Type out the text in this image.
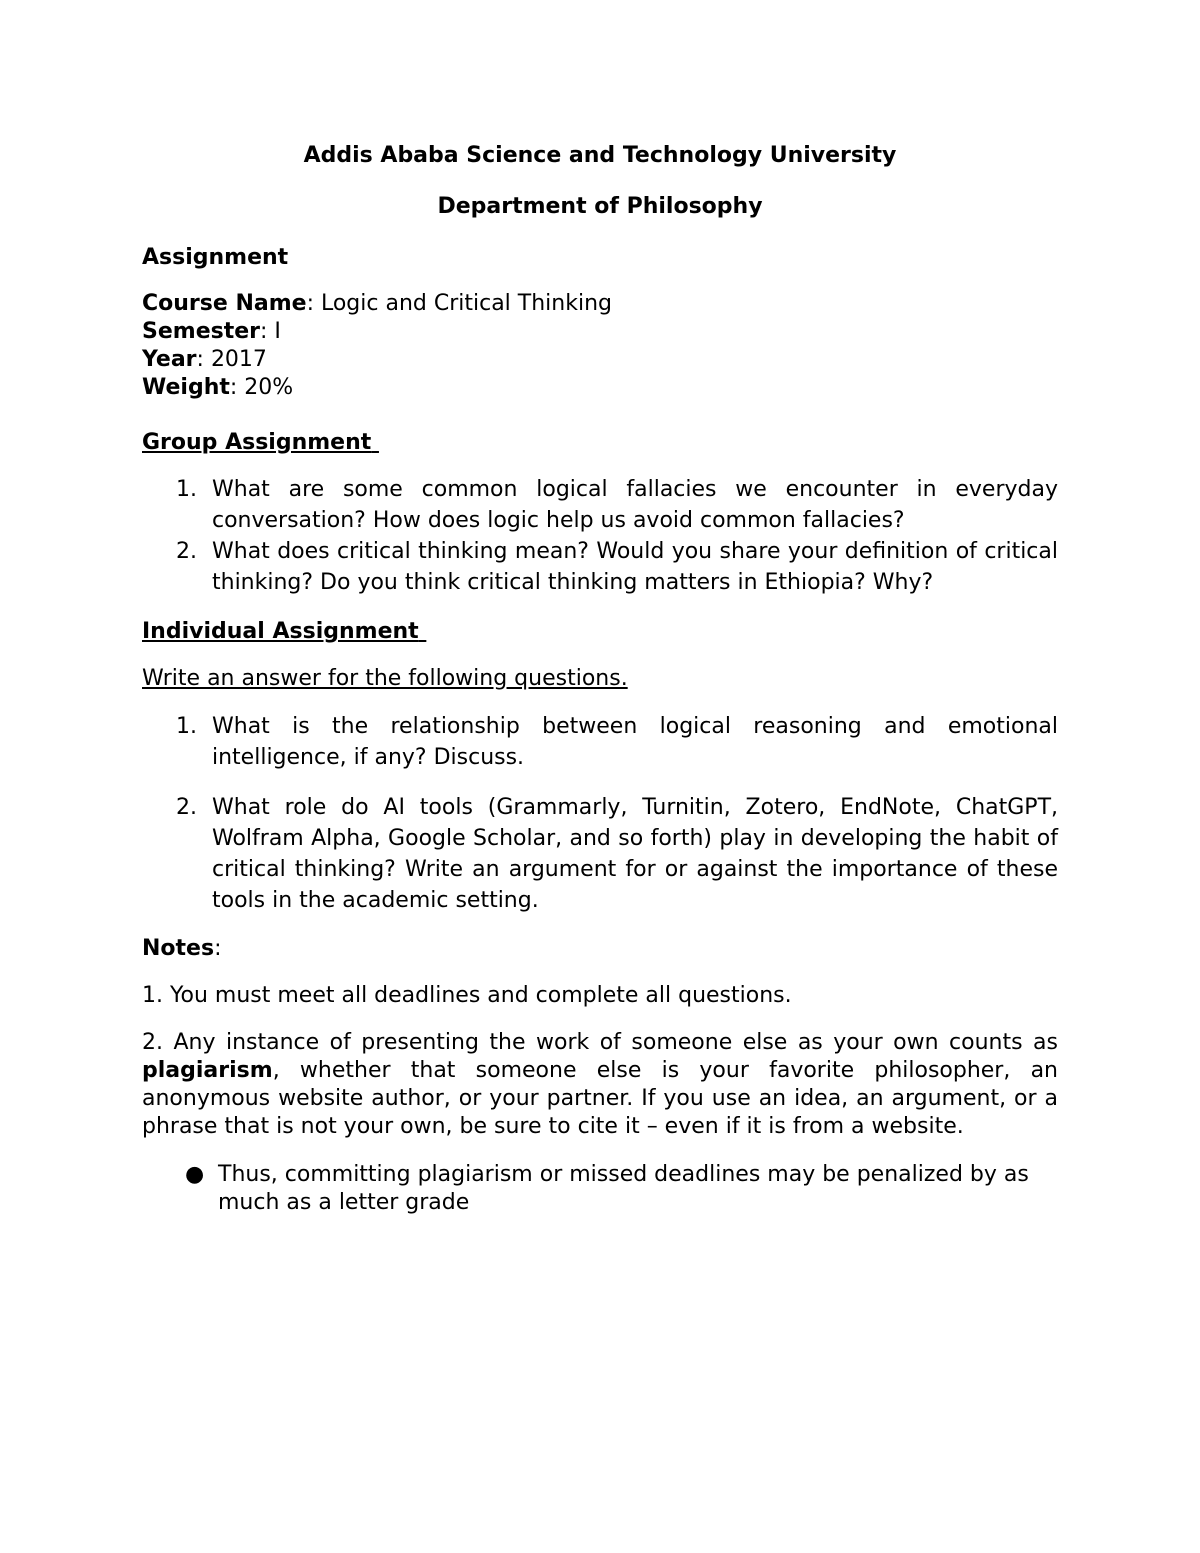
Addis Ababa Science and Technology University

Department of Philosophy

Assignment

Course Name: Logic and Critical Thinking

Semester: I

Year: 2017

Weight: 20%

Group Assignment

1. What are some common logical fallacies we encounter in everyday conversation? How does logic help us avoid common fallacies?
2. What does critical thinking mean? Would you share your definition of critical thinking? Do you think critical thinking matters in Ethiopia? Why?

Individual Assignment

Write an answer for the following questions.

1. What is the relationship between logical reasoning and emotional intelligence, if any? Discuss.
2. What role do AI tools (Grammarly, Turnitin, Zotero, EndNote, ChatGPT, Wolfram Alpha, Google Scholar, and so forth) play in developing the habit of critical thinking? Write an argument for or against the importance of these tools in the academic setting.

Notes:

1. You must meet all deadlines and complete all questions.

2. Any instance of presenting the work of someone else as your own counts as plagiarism, whether that someone else is your favorite philosopher, an anonymous website author, or your partner. If you use an idea, an argument, or a phrase that is not your own, be sure to cite it – even if it is from a website.

● Thus, committing plagiarism or missed deadlines may be penalized by as much as a letter grade
